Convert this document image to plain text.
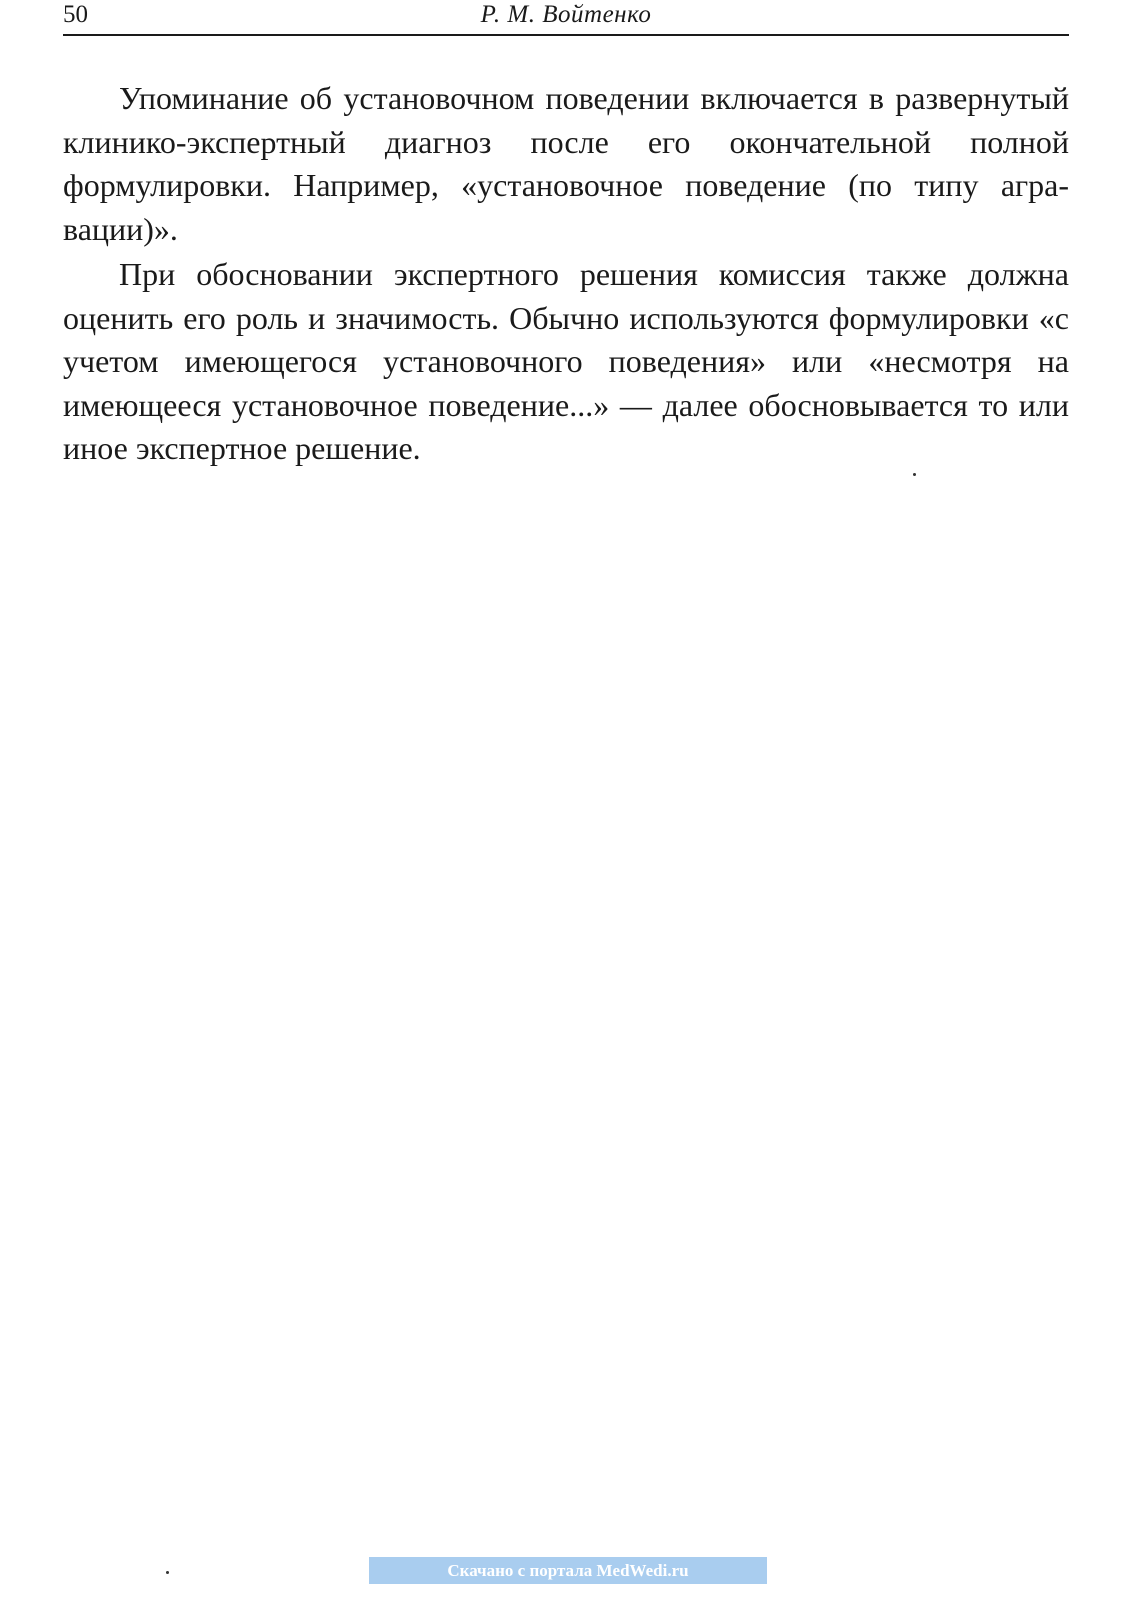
50	Р. М. Войтенко

Упоминание об установочном поведении включается в развернутый клинико-экспертный диагноз после его окончательной полной формулировки. Например, «установочное поведение (по типу агравации)».

При обосновании экспертного решения комиссия также должна оценить его роль и значимость. Обычно используются формулировки «с учетом имеющегося установочного поведения» или «несмотря на имеющееся установочное поведение...» — далее обосновывается то или иное экспертное решение.

Скачано с портала MedWedi.ru
